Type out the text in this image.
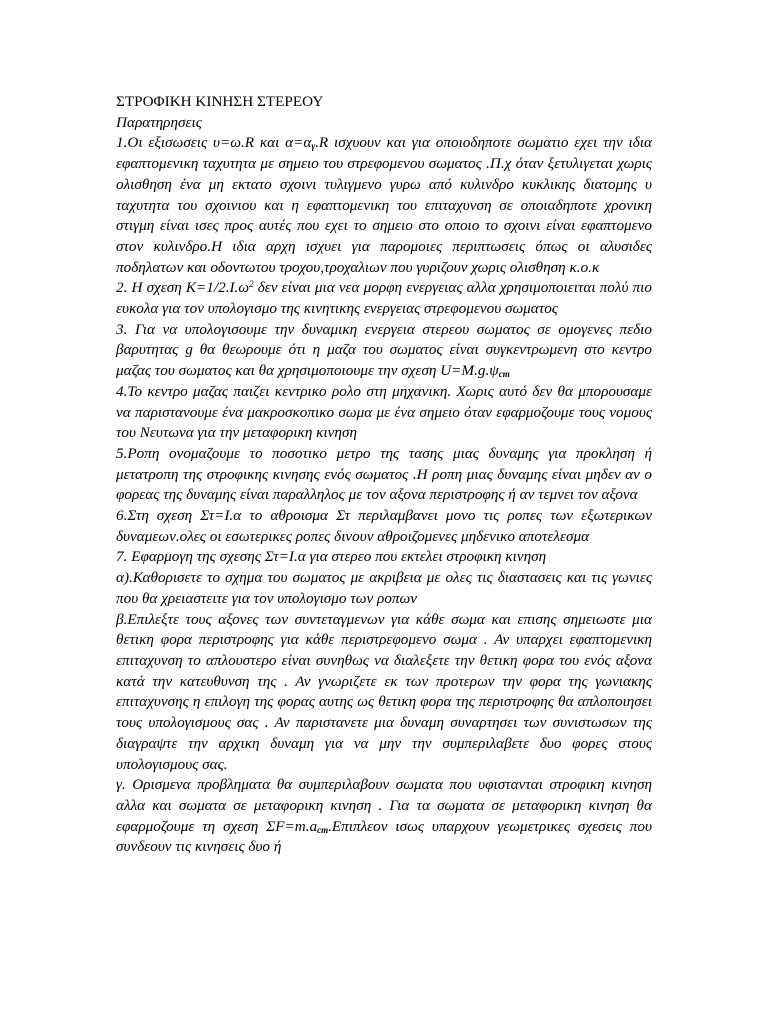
ΣΤΡΟΦΙΚΗ ΚΙΝΗΣΗ ΣΤΕΡΕΟΥ

Παρατηρησεις

1.Οι εξισωσεις υ=ω.R και $\alpha=\alpha_\gamma.R$ ισχυουν και για οποιοδηποτε σωματιο εχει την ιδια εφαπτομενικη ταχυτητα με σημειο του στρεφομενου σωματος .Π.χ όταν ξετυλιγεται χωρις ολισθηση ένα μη εκτατο σχοινι τυλιγμενο γυρω από κυλινδρο κυκλικης διατομης υ ταχυτητα του σχοινιου και η εφαπτομενικη του επιταχυνση σε οποιαδηποτε χρονικη στιγμη είναι ισες προς αυτές που εχει το σημειο στο οποιο το σχοινι είναι εφαπτομενο στον κυλινδρο.Η ιδια αρχη ισχυει για παρομοιες περιπτωσεις όπως οι αλυσιδες ποδηλατων και οδοντωτου τροχου,τροχαλιων που γυριζουν χωρις ολισθηση κ.ο.κ

2. Η σχεση $K=1/2.I.\omega^2$ δεν είναι μια νεα μορφη ενεργειας αλλα χρησιμοποιειται πολύ πιο ευκολα για τον υπολογισμο της κινητικης ενεργειας στρεφομενου σωματος

3. Για να υπολογισουμε την δυναμικη ενεργεια στερεου σωματος σε ομογενες πεδιο βαρυτητας g θα θεωρουμε ότι η μαζα του σωματος είναι συγκεντρωμενη στο κεντρο μαζας του σωματος και θα χρησιμοποιουμε την σχεση $U=M.g.\psi_{cm}$

4.Το κεντρο μαζας παιζει κεντρικο ρολο στη μηχανικη. Χωρις αυτό δεν θα μπορουσαμε να παριστανουμε ένα μακροσκοπικο σωμα με ένα σημειο όταν εφαρμοζουμε τους νομους του Νευτωνα για την μεταφορικη κινηση

5.Ροπη ονομαζουμε το ποσοτικο μετρο της τασης μιας δυναμης για προκληση ή μετατροπη της στροφικης κινησης ενός σωματος .Η ροπη μιας δυναμης είναι μηδεν αν ο φορεας της δυναμης είναι παραλληλος με τον αξονα περιστροφης ή αν τεμνει τον αξονα

6.Στη σχεση Στ=Ι.α το αθροισμα Στ περιλαμβανει μονο τις ροπες των εξωτερικων δυναμεων.ολες οι εσωτερικες ροπες δινουν αθροιζομενες μηδενικο αποτελεσμα

7. Εφαρμογη της σχεσης Στ=Ι.α για στερεο που εκτελει στροφικη κινηση

α).Καθορισετε το σχημα του σωματος με ακριβεια με ολες τις διαστασεις και τις γωνιες που θα χρειαστειτε για τον υπολογισμο των ροπων

β.Επιλεξτε τους αξονες των συντεταγμενων για κάθε σωμα και επισης σημειωστε μια θετικη φορα περιστροφης για κάθε περιστρεφομενο σωμα . Αν υπαρχει εφαπτομενικη επιταχυνση το απλουστερο είναι συνηθως να διαλεξετε την θετικη φορα του ενός αξονα κατά την κατευθυνση της . Αν γνωριζετε εκ των προτερων την φορα της γωνιακης επιταχυνσης η επιλογη της φορας αυτης ως θετικη φορα της περιστροφης θα απλοποιησει τους υπολογισμους σας . Αν παριστανετε μια δυναμη συναρτησει των συνιστωσων της διαγραψτε την αρχικη δυναμη για να μην την συμπεριλαβετε δυο φορες στους υπολογισμους σας.

γ. Ορισμενα προβληματα θα συμπεριλαβουν σωματα που υφιστανται στροφικη κινηση αλλα και σωματα σε μεταφορικη κινηση . Για τα σωματα σε μεταφορικη κινηση θα εφαρμοζουμε τη σχεση $\Sigma F=m.a_{cm}.E\pi\iota\pi\lambda\varepsilon o\nu$ ισως υπαρχουν γεωμετρικες σχεσεις που συνδεουν τις κινησεις δυο ή
